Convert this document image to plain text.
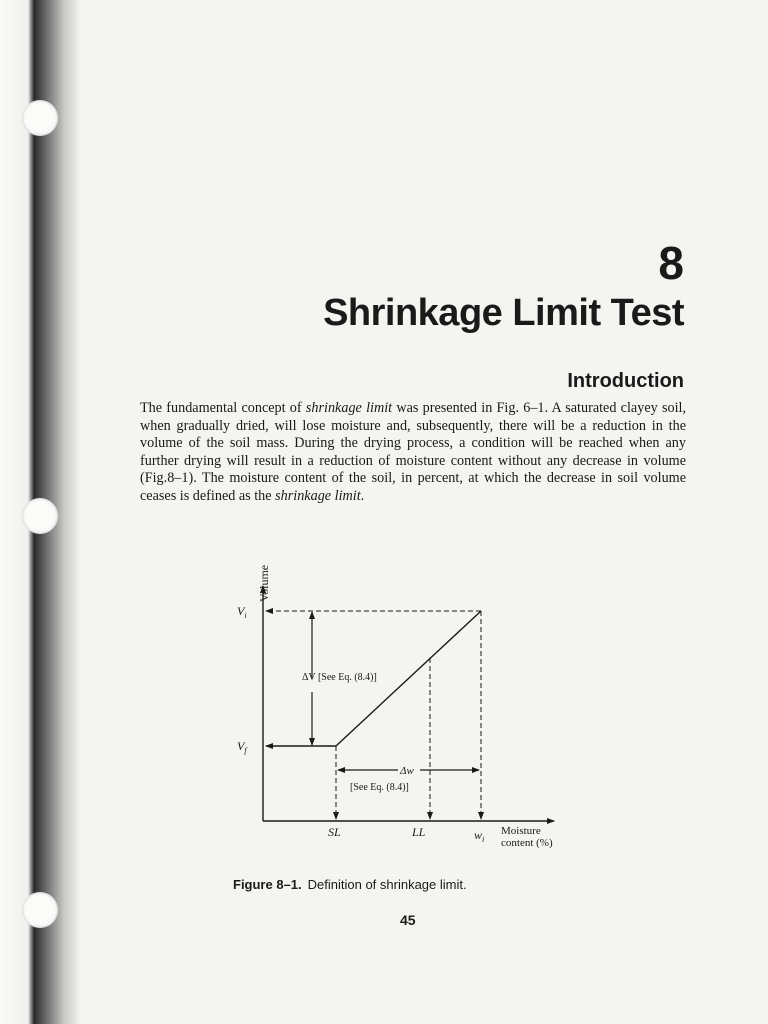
8
Shrinkage Limit Test
Introduction
The fundamental concept of shrinkage limit was presented in Fig. 6–1. A saturated clayey soil, when gradually dried, will lose moisture and, subsequently, there will be a reduction in the volume of the soil mass. During the drying process, a condition will be reached when any further drying will result in a reduction of moisture content without any decrease in volume (Fig.8–1). The moisture content of the soil, in percent, at which the decrease in soil volume ceases is defined as the shrinkage limit.
Volume
$V_i$
$V_f$
ΔV [See Eq. (8.4)]
Δw
[See Eq. (8.4)]
SL	LL	$w_i$
Moisture
content (%)
Figure 8–1. Definition of shrinkage limit.
45
